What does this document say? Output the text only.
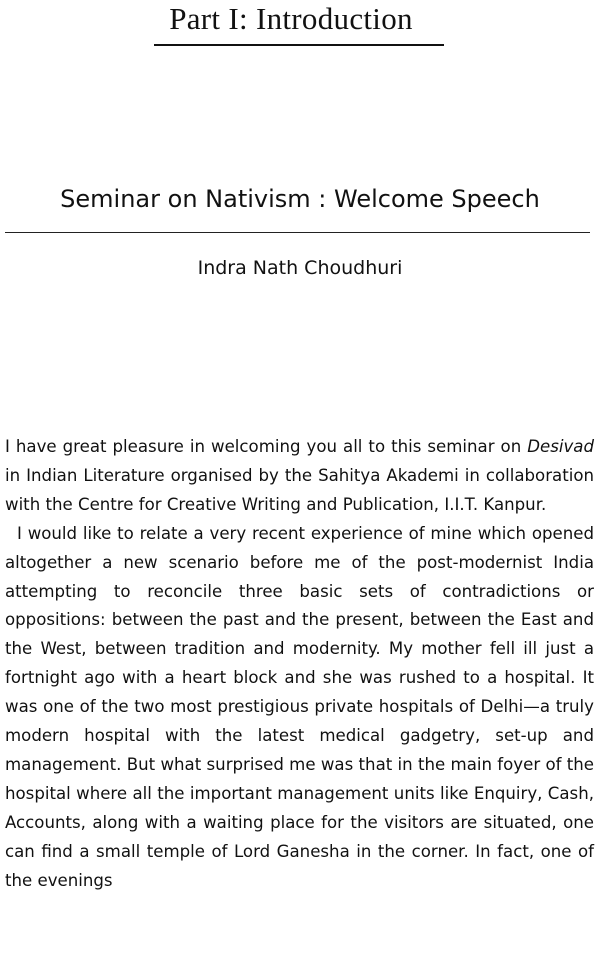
Part I: Introduction
Seminar on Nativism : Welcome Speech
Indra Nath Choudhuri

I have great pleasure in welcoming you all to this seminar on Desivad in Indian Literature organised by the Sahitya Akademi in collaboration with the Centre for Creative Writing and Publication, I.I.T. Kanpur.

I would like to relate a very recent experience of mine which opened altogether a new scenario before me of the post-modernist India attempting to reconcile three basic sets of contradictions or oppositions: between the past and the present, between the East and the West, between tradition and modernity. My mother fell ill just a fortnight ago with a heart block and she was rushed to a hospital. It was one of the two most prestigious private hospitals of Delhi—a truly modern hospital with the latest medical gadgetry, set-up and management. But what surprised me was that in the main foyer of the hospital where all the important management units like Enquiry, Cash, Accounts, along with a waiting place for the visitors are situated, one can find a small temple of Lord Ganesha in the corner. In fact, one of the evenings
